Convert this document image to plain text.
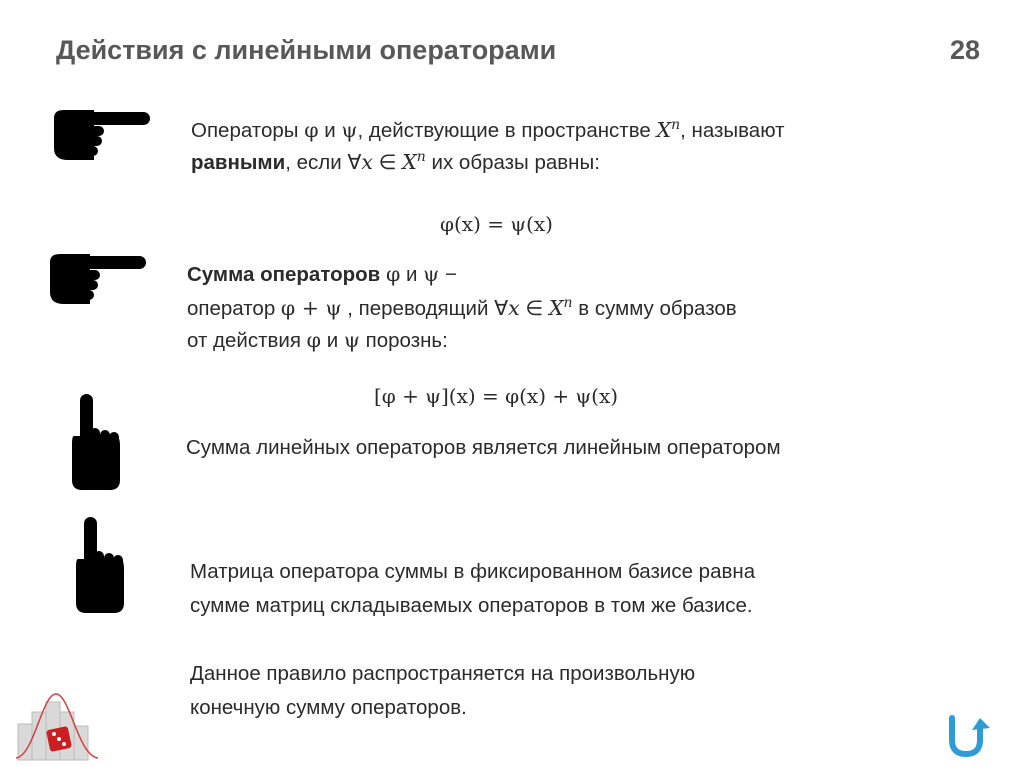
Действия с линейными операторами	28
Операторы φ и ψ, действующие в пространстве $X^n$, называют
равными, если ∀x ∈ $X^n$ их образы равны:
φ(x) = ψ(x)
Сумма операторов φ и ψ −
оператор φ + ψ , переводящий ∀x ∈ $X^n$ в сумму образов
от действия φ и ψ порознь:
[φ + ψ](x) = φ(x) + ψ(x)
Сумма линейных операторов является линейным оператором
Матрица оператора суммы в фиксированном базисе равна
сумме матриц складываемых операторов в том же базисе.
Данное правило распространяется на произвольную
конечную сумму операторов.
